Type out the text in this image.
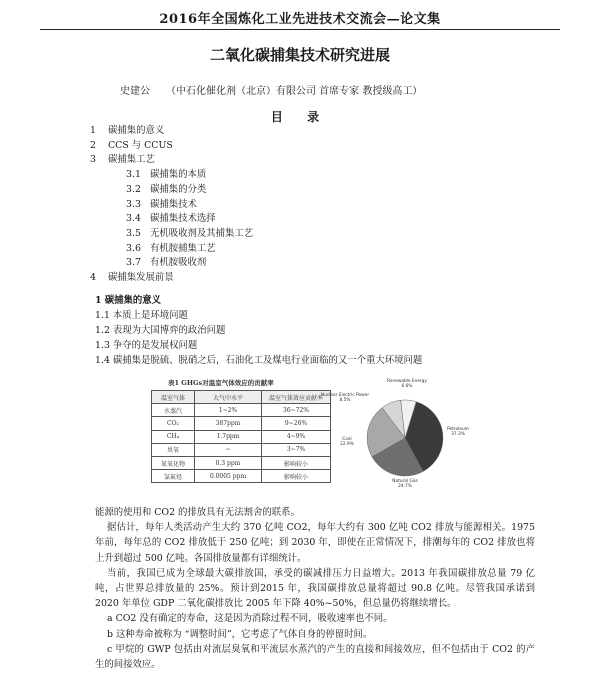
2016年全国炼化工业先进技术交流会—论文集
二氧化碳捕集技术研究进展
史建公 （中石化催化剂（北京）有限公司 首席专家 教授级高工）
目 录
1 碳捕集的意义
2 CCS 与 CCUS
3 碳捕集工艺
3.1 碳捕集的本质
3.2 碳捕集的分类
3.3 碳捕集技术
3.4 碳捕集技术选择
3.5 无机吸收剂及其捕集工艺
3.6 有机胺捕集工艺
3.7 有机胺吸收剂
4 碳捕集发展前景
1 碳捕集的意义
1.1 本质上是环境问题
1.2 表现为大国博弈的政治问题
1.3 争夺的是发展权问题
1.4 碳捕集是脱硫、脱硝之后，石油化工及煤电行业面临的又一个重大环境问题
表1 GHGs对温室气体效应的贡献率
温室气体	大气中水平	温室气体效应贡献率
水蒸汽	1~2%	36~72%
CO₂	387ppm	9~26%
CH₄	1.7ppm	4~9%
臭氧	~	3~7%
氮氧化物	0.3 ppm	影响较小
氯氟烃	0.0005 ppm	影响较小
Petroleum
37.3%
Natural Gas
24.7%
Coal
22.9%
Nuclear Electric Power
8.5%
Renewable Energy
6.6%

能源的使用和 CO2 的排放具有无法割舍的联系。

据估计，每年人类活动产生大约 370 亿吨 CO2，每年大约有 300 亿吨 CO2 排放与能源相关。1975 年前，每年总的 CO2 排放低于 250 亿吨；到 2030 年，即使在正常情况下，排潮每年的 CO2 排放也将上升到超过 500 亿吨。各国排放量都有详细统计。

当前，我国已成为全球最大碳排放国，承受的碳减排压力日益增大。2013 年我国碳排放总量 79 亿吨，占世界总排放量的 25%。预计到2015 年，我国碳排放总量将超过 90.8 亿吨。尽管我国承诺到 2020 年单位 GDP 二氧化碳排放比 2005 年下降 40%~50%，但总量仍将继续增长。

a CO2 没有确定的寿命，这是因为消除过程不同，吸收速率也不同。

b 这种寿命被称为 “调整时间”，它考虑了气体自身的停留时间。

c 甲烷的 GWP 包括由对流层臭氧和平流层水蒸汽的产生的直接和间接效应，但不包括由于 CO2 的产生的间接效应。
